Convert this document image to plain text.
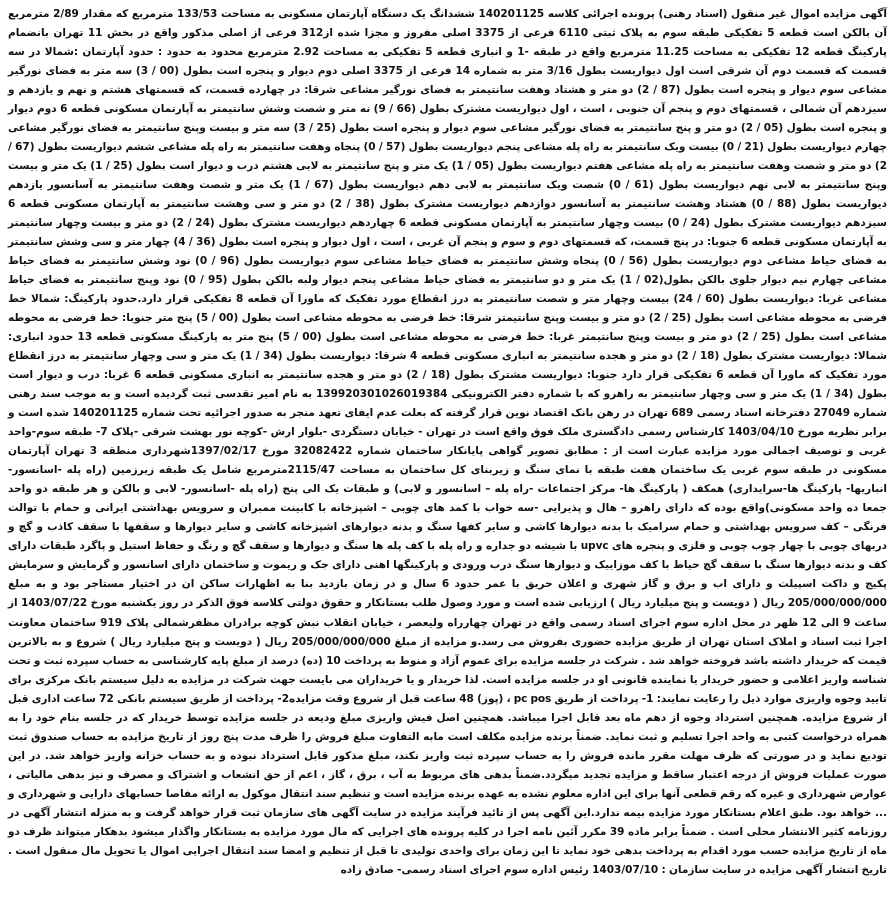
آگهی مزایده اموال غیر منقول (اسناد رهنی) پرونده اجرائی کلاسه 140201125 ششدانگ یک دستگاه آپارتمان مسکونی به مساحت 133/53 مترمربع که مقدار 2/89 مترمربع آن بالکن است قطعه 5 تفکیکی طبقه سوم به پلاک ثبتی 6110 فرعی از 3375 اصلی مفروز و مجزا شده از312 فرعی از اصلی مذکور واقع در بخش 11 تهران بانضمام پارکینگ قطعه 12 تفکیکی به مساحت 11.25 مترمربع واقع در طبقه -1 و انباری قطعه 5 تفکیکی به مساحت 2.92 مترمربع محدود به حدود : حدود آپارتمان :شمالا در سه قسمت که قسمت دوم آن شرقی است اول دیواریست بطول 3/16 متر به شماره 14 فرعی از 3375 اصلی دوم دیوار و پنجره است بطول (00 / 3) سه متر به فضای نورگیر مشاعی سوم دیوار و پنجره است بطول (87 / 2) دو متر و هشتاد وهفت سانتیمتر به فضای نورگیر مشاعی شرقا: در چهارده قسمت، که قسمتهای هشتم و نهم و یازدهم و سیزدهم آن شمالی ، قسمتهای دوم و پنجم آن جنوبی ، است ، اول دیواریست مشترک بطول (66 / 9) نه متر و شصت وشش سانتیمتر به آپارتمان مسکونی قطعه 6 دوم دیوار و پنجره است بطول (05 / 2) دو متر و پنج سانتیمتر به فضای نورگیر مشاعی سوم دیوار و پنجره است بطول (25 / 3) سه متر و بیست وپنج سانتیمتر به فضای نورگیر مشاعی چهارم دیواریست بطول (21 / 0) بیست ویک سانتیمتر به راه پله مشاعی پنجم دیواریست بطول (57 / 0) پنجاه وهفت سانتیمتر به راه پله مشاعی ششم دیواریست بطول (67 / 2) دو متر و شصت وهفت سانتیمتر به راه پله مشاعی هفتم دیواریست بطول (05 / 1) یک متر و پنج سانتیمتر به لابی هشتم درب و دیوار است بطول (25 / 1) یک متر و بیست وپنج سانتیمتر به لابی نهم دیواریست بطول (61 / 0) شصت ویک سانتیمتر به لابی دهم دیواریست بطول (67 / 1) یک متر و شصت وهفت سانتیمتر به آسانسور یازدهم دیواریست بطول (88 / 0) هشتاد وهشت سانتیمتر به آسانسور دوازدهم دیواریست مشترک بطول (38 / 2) دو متر و سی وهشت سانتیمتر به آپارتمان مسکونی قطعه 6 سیزدهم دیواریست مشترک بطول (24 / 0) بیست وچهار سانتیمتر به آپارتمان مسکونی قطعه 6 چهاردهم دیواریست مشترک بطول (24 / 2) دو متر و بیست وچهار سانتیمتر به آپارتمان مسکونی قطعه 6 جنوبا: در پنج قسمت، که قسمتهای دوم و سوم و پنجم آن غربی ، است ، اول دیوار و پنجره است بطول (36 / 4) چهار متر و سی وشش سانتیمتر به فضای حیاط مشاعی دوم دیواریست بطول (56 / 0) پنجاه وشش سانتیمتر به فضای حیاط مشاعی سوم دیواریست بطول (96 / 0) نود وشش سانتیمتر به فضای حیاط مشاعی چهارم نیم دیوار جلوی بالکن بطول(02 / 1) یک متر و دو سانتیمتر به فضای حیاط مشاعی پنجم دیوار ولبه بالکن بطول (95 / 0) نود وپنج سانتیمتر به فضای حیاط مشاعی غربا: دیواریست بطول (60 / 24) بیست وچهار متر و شصت سانتیمتر به درز انقطاع مورد تفکیک که ماورا آن قطعه 8 تفکیکی قرار دارد.حدود پارکینگ: شمالا خط فرضی به محوطه مشاعی است بطول (25 / 2) دو متر و بیست وپنج سانتیمتر شرقا: خط فرضی به محوطه مشاعی است بطول (00 / 5) پنج متر جنوبا: خط فرضی به محوطه مشاعی است بطول (25 / 2) دو متر و بیست وپنج سانتیمتر غربا: خط فرضی به محوطه مشاعی است بطول (00 / 5) پنج متر به پارکینگ مسکونی قطعه 13 حدود انباری: شمالا: دیواریست مشترک بطول (18 / 2) دو متر و هجده سانتیمتر به انباری مسکونی قطعه 4 شرقا: دیواریست بطول (34 / 1) یک متر و سی وچهار سانتیمتر به درز انقطاع مورد تفکیک که ماورا آن قطعه 6 تفکیکی قرار دارد جنوبا: دیواریست مشترک بطول (18 / 2) دو متر و هجده سانتیمتر به انباری مسکونی قطعه 6 غربا: درب و دیوار است بطول (34 / 1) یک متر و سی وچهار سانتیمتر به راهرو که با شماره دفتر الکترونیکی 139920301026019384 به نام امیر تقدسی ثبت گردیده است و به موجب سند رهنی شماره 27049 دفترخانه اسناد رسمی 689 تهران در رهن بانک اقتصاد نوین قرار گرفته که بعلت عدم ایفای تعهد منجر به صدور اجرائیه تحت شماره 140201125 شده است و برابر نظریه مورخ 1403/04/10 کارشناس رسمی دادگستری ملک فوق واقع است در تهران - خیابان دستگردی -بلوار ارش -کوچه نور بهشت شرقی -پلاک 7- طبقه سوم-واحد غربی و توصیف اجمالی مورد مزایده عبارت است از : مطابق تصویر گواهی پایانکار ساختمان شماره 32082422 مورخ 1397/02/17شهرداری منطقه 3 تهران آپارتمان مسکونی در طبقه سوم غربی یک ساختمان هفت طبقه با نمای سنگ و زیربنای کل ساختمان به مساحت 2115/47مترمربع شامل یک طبقه زیرزمین (راه پله -اسانسور-انباریها- پارکینگ ها-سرایداری) همکف ( پارکینگ ها- مرکز اجتماعات -راه پله – اسانسور و لابی) و طبقات یک الی پنج (راه پله -اسانسور- لابی و بالکن و هر طبقه دو واحد جمعا ده واحد مسکونی)واقع بوده که دارای راهرو – هال و پذیرایی -سه خواب با کمد های چوبی – اشپزخانه با کابینت ممبران و سرویس بهداشتی ایرانی و حمام با توالت فرنگی – کف سرویس بهداشتی و حمام سرامیک با بدنه دیوارها کاشی و سایر کفها سنگ و بدنه دیوارهای اشپزخانه کاشی و سایر دیوارها و سقفها با سقف کاذب و گچ و دربهای چوبی با چهار چوب چوبی و فلزی و پنجره های upvc با شیشه دو جداره و راه پله با کف پله ها سنگ و دیوارها و سقف گچ و رنگ و حفاظ استیل و پاگرد طبقات دارای کف و بدنه دیوارها سنگ با سقف گچ حیاط با کف موزاییک و دیوارها سنگ درب ورودی و پارکینگها اهنی دارای جک و ریموت و ساختمان دارای اسانسور و گرمایش و سرمایش پکیج و داکت اسپیلت و دارای اب و برق و گاز شهری و اعلان حریق با عمر حدود 6 سال و در زمان بازدید بنا به اظهارات ساکن ان در اختیار مستاجر بود و به مبلغ 205/000/000/000 ریال ( دویست و پنج میلیارد ریال ) ارزیابی شده است و مورد وصول طلب بستانکار و حقوق دولتی کلاسه فوق الذکر در روز یکشنبه مورخ 1403/07/22 از ساعت 9 الی 12 ظهر در محل اداره سوم اجرای اسناد رسمی واقع در تهران چهارراه ولیعصر ، خیابان انقلاب نبش کوچه برادران مظفرشمالی پلاک 919 ساختمان معاونت اجرا ثبت اسناد و املاک استان تهران از طریق مزایده حضوری بفروش می رسد.و مزایده از مبلغ 205/000/000/000 ریال ( دویست و پنج میلیارد ریال ) شروع و به بالاترین قیمت که خریدار داشته باشد فروخته خواهد شد . شرکت در جلسه مزایده برای عموم آزاد و منوط به پرداخت 10 (ده) درصد از مبلغ پایه کارشناسی به حساب سپرده ثبت و تحت شناسه واریز اعلامی و حضور خریدار یا نماینده قانونی او در جلسه مزایده است. لذا خریدار و یا خریداران می بایست جهت شرکت در مزایده به دلیل سیستم بانک مرکزی برای تایید وجوه واریزی موارد ذیل را رعایت نمایند: 1- پرداخت از طریق pc pos ، (پوز) 48 ساعت قبل از شروع وقت مزایده2- پرداخت از طریق سیستم بانکی 72 ساعت اداری قبل از شروع مزایده. همچنین استرداد وجوه از دهم ماه بعد قابل اجرا میباشد. همچنین اصل فیش واریزی مبلغ ودیعه در جلسه مزایده توسط خریدار که در جلسه بنام خود را به همراه درخواست کتبی به واحد اجرا تسلیم و ثبت نماید. ضمناً برنده مزایده مکلف است مابه التفاوت مبلغ فروش را ظرف مدت پنج روز از تاریخ مزایده به حساب صندوق ثبت توديع نمايد و در صورتی که ظرف مهلت مقرر مانده فروش را به حساب سپرده ثبت واریز نکند، مبلغ مذکور قابل استرداد نبوده و به حساب خزانه واریز خواهد شد. در این صورت عملیات فروش از درجه اعتبار ساقط و مزایده تجدید میگردد.ضمناً بدهی های مربوط به آب ، برق ، گاز ، اعم از حق انشعاب و اشتراک و مصرف و نیز بدهی مالیاتی ، عوارض شهرداری و غیره که رقم قطعی آنها برای این اداره معلوم نشده به عهده برنده مزایده است و تنظیم سند انتقال موکول به ارائه مفاصا حسابهای دارایی و شهرداری و ... خواهد بود. طبق اعلام بستانکار مورد مزایده بیمه ندارد.این آگهی پس از تائید فرآیند مزایده در سایت آگهی های سازمان ثبت قرار خواهد گرفت و به منزله انتشار آگهی در روزنامه کثیر الانتشار محلی است . ضمناً برابر ماده 39 مکرر آئین نامه اجرا در کلیه پرونده های اجرایی که مال مورد مزایده به بستانکار واگذار میشود بدهکار میتواند ظرف دو ماه از تاریخ مزایده حسب مورد اقدام به پرداخت بدهی خود نماید تا این زمان برای واحدی تولیدی تا قبل از تنظیم و امضا سند انتقال اجرایی اموال یا تحویل مال منقول است . تاریخ انتشار آگهی مزایده در سایت سازمان : 1403/07/10 رئیس اداره سوم اجرای اسناد رسمی- صادق زاده
